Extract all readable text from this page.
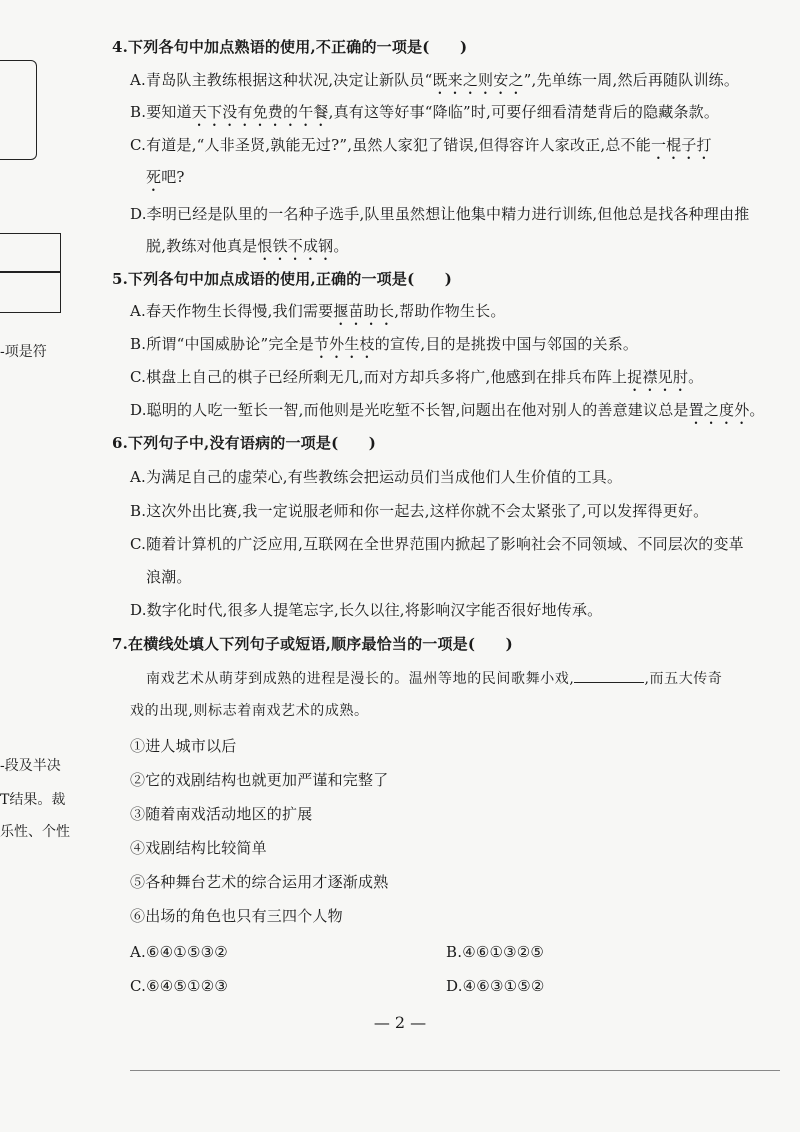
-项是符
-段及半决
T结果。裁
乐性、个性
4.下列各句中加点熟语的使用,不正确的一项是(　　)
A.青岛队主教练根据这种状况,决定让新队员“既来之则安之”,先单练一周,然后再随队训练。
B.要知道天下没有免费的午餐,真有这等好事“降临”时,可要仔细看清楚背后的隐藏条款。
C.有道是,“人非圣贤,孰能无过?”,虽然人家犯了错误,但得容许人家改正,总不能一棍子打
死吧?
D.李明已经是队里的一名种子选手,队里虽然想让他集中精力进行训练,但他总是找各种理由推
脱,教练对他真是恨铁不成钢。
5.下列各句中加点成语的使用,正确的一项是(　　)
A.春天作物生长得慢,我们需要揠苗助长,帮助作物生长。
B.所谓“中国威胁论”完全是节外生枝的宣传,目的是挑拨中国与邻国的关系。
C.棋盘上自己的棋子已经所剩无几,而对方却兵多将广,他感到在排兵布阵上捉襟见肘。
D.聪明的人吃一堑长一智,而他则是光吃堑不长智,问题出在他对别人的善意建议总是置之度外。
6.下列句子中,没有语病的一项是(　　)
A.为满足自己的虚荣心,有些教练会把运动员们当成他们人生价值的工具。
B.这次外出比赛,我一定说服老师和你一起去,这样你就不会太紧张了,可以发挥得更好。
C.随着计算机的广泛应用,互联网在全世界范围内掀起了影响社会不同领域、不同层次的变革
浪潮。
D.数字化时代,很多人提笔忘字,长久以往,将影响汉字能否很好地传承。
7.在横线处填人下列句子或短语,顺序最恰当的一项是(　　)
南戏艺术从萌芽到成熟的进程是漫长的。温州等地的民间歌舞小戏,	,而五大传奇
戏的出现,则标志着南戏艺术的成熟。
①进人城市以后
②它的戏剧结构也就更加严谨和完整了
③随着南戏活动地区的扩展
④戏剧结构比较简单
⑤各种舞台艺术的综合运用才逐渐成熟
⑥出场的角色也只有三四个人物
A.⑥④①⑤③②	B.④⑥①③②⑤
C.⑥④⑤①②③	D.④⑥③①⑤②
— 2 —
